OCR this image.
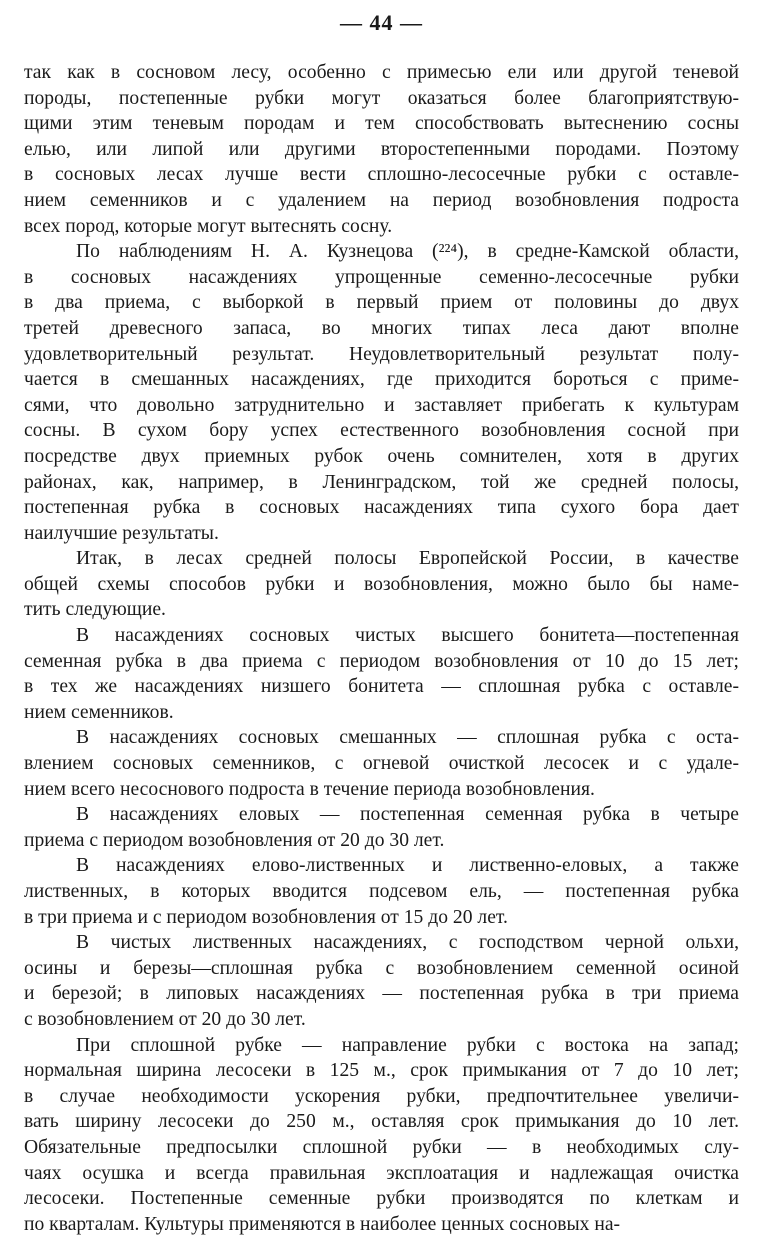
— 44 —
так как в сосновом лесу, особенно с примесью ели или другой теневой
породы, постепенные рубки могут оказаться более благоприятствую-
щими этим теневым породам и тем способствовать вытеснению сосны
елью, или липой или другими второстепенными породами. Поэтому
в сосновых лесах лучше вести сплошно-лесосечные рубки с оставле-
нием семенников и с удалением на период возобновления подроста
всех пород, которые могут вытеснять сосну.
По наблюдениям Н. А. Кузнецова (²²⁴), в средне-Камской области,
в сосновых насаждениях упрощенные семенно-лесосечные рубки
в два приема, с выборкой в первый прием от половины до двух
третей древесного запаса, во многих типах леса дают вполне
удовлетворительный результат. Неудовлетворительный результат полу-
чается в смешанных насаждениях, где приходится бороться с приме-
сями, что довольно затруднительно и заставляет прибегать к культурам
сосны. В сухом бору успех естественного возобновления сосной при
посредстве двух приемных рубок очень сомнителен, хотя в других
районах, как, например, в Ленинградском, той же средней полосы,
постепенная рубка в сосновых насаждениях типа сухого бора дает
наилучшие результаты.
Итак, в лесах средней полосы Европейской России, в качестве
общей схемы способов рубки и возобновления, можно было бы наме-
тить следующие.
В насаждениях сосновых чистых высшего бонитета—постепенная
семенная рубка в два приема с периодом возобновления от 10 до 15 лет;
в тех же насаждениях низшего бонитета — сплошная рубка с оставле-
нием семенников.
В насаждениях сосновых смешанных — сплошная рубка с оста-
влением сосновых семенников, с огневой очисткой лесосек и с удале-
нием всего несоснового подроста в течение периода возобновления.
В насаждениях еловых — постепенная семенная рубка в четыре
приема с периодом возобновления от 20 до 30 лет.
В насаждениях елово-лиственных и лиственно-еловых, а также
лиственных, в которых вводится подсевом ель, — постепенная рубка
в три приема и с периодом возобновления от 15 до 20 лет.
В чистых лиственных насаждениях, с господством черной ольхи,
осины и березы—сплошная рубка с возобновлением семенной осиной
и березой; в липовых насаждениях — постепенная рубка в три приема
с возобновлением от 20 до 30 лет.
При сплошной рубке — направление рубки с востока на запад;
нормальная ширина лесосеки в 125 м., срок примыкания от 7 до 10 лет;
в случае необходимости ускорения рубки, предпочтительнее увеличи-
вать ширину лесосеки до 250 м., оставляя срок примыкания до 10 лет.
Обязательные предпосылки сплошной рубки — в необходимых слу-
чаях осушка и всегда правильная эксплоатация и надлежащая очистка
лесосеки. Постепенные семенные рубки производятся по клеткам и
по кварталам. Культуры применяются в наиболее ценных сосновых на-
